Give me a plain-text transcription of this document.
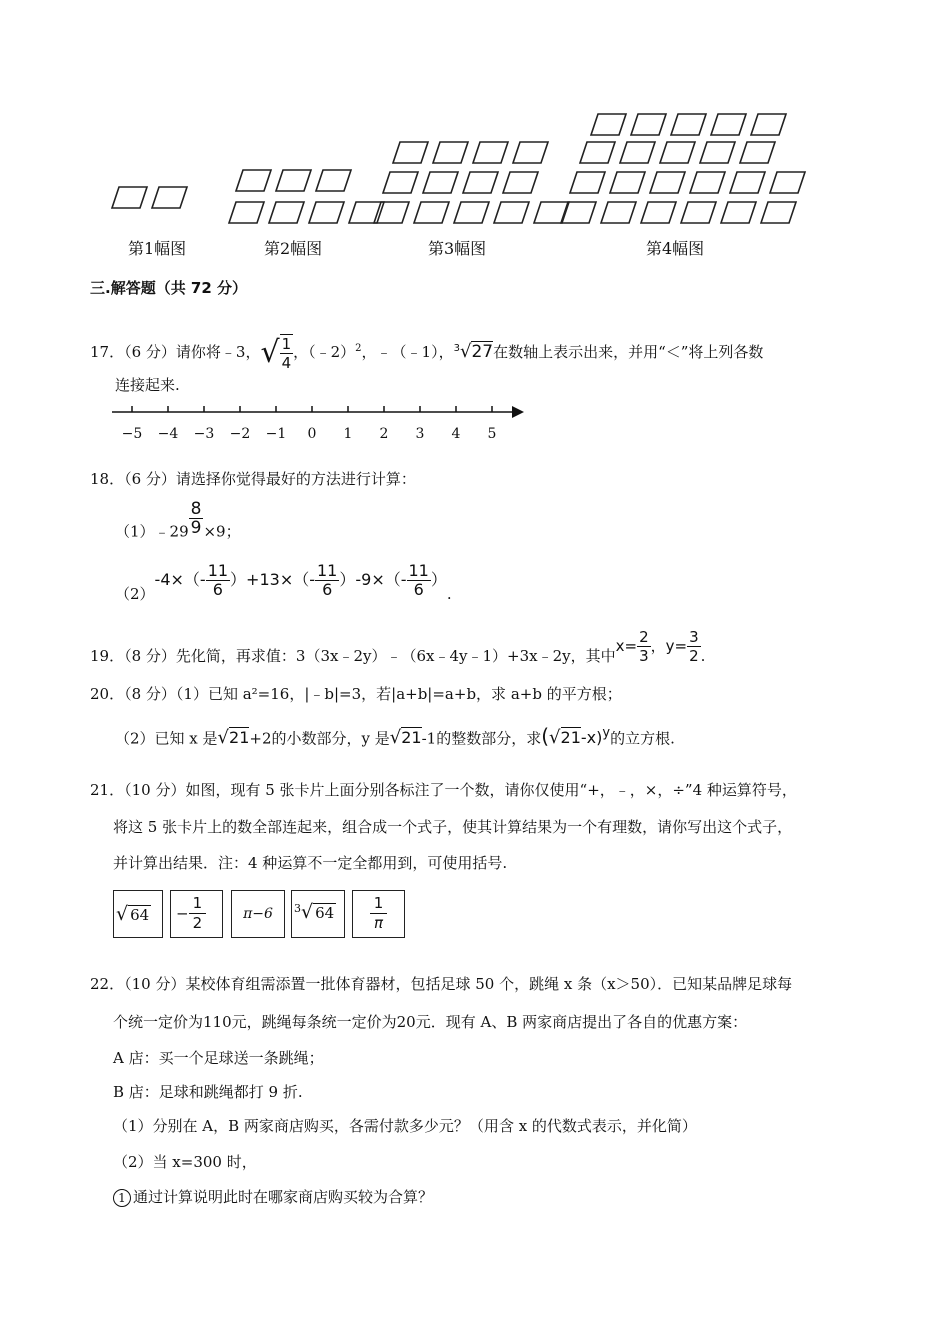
第1幅图	第2幅图	第3幅图	第4幅图
三.解答题（共 72 分）
17．（6 分）请你将﹣3，√ $\frac{1}{4}$ ，（﹣2）$^2$，﹣（﹣1），$^3$√27在数轴上表示出来，并用“＜”将上列各数
连接起来.
−5 −4 −3 −2 −1 0 1 2 3 4 5
18．（6 分）请选择你觉得最好的方法进行计算：
（1）﹣29 $\frac{8}{9} \times 9$；
$(2)-4\times(- \frac{11}{6} )+13\times(- \frac{11}{6} )-9\times(- \frac{11}{6}$ ）.
19．（8 分）先化简，再求值：3（3x﹣2y）﹣（6x﹣4y﹣1）+3x﹣2y，其中$x= \frac{2}{3}$ ，$y= \frac{3}{2}$ .
20．（8 分）（1）已知 a²=16，|﹣b|=3，若|a+b|=a+b，求 a+b 的平方根；
（2）已知 x 是√21+2的小数部分，y 是√21-1的整数部分，求$(√21-x)^y$的立方根.
21．（10 分）如图，现有 5 张卡片上面分别各标注了一个数，请你仅使用“+，﹣，×，÷”4 种运算符号，
将这 5 张卡片上的数全部连起来，组合成一个式子，使其计算结果为一个有理数，请你写出这个式子，
并计算出结果．注：4 种运算不一定全都用到，可使用括号.
√ 64	− $\frac{1}{2}$	π−6	$^3$√ 64	$\frac{1}{\pi}$
22．（10 分）某校体育组需添置一批体育器材，包括足球 50 个，跳绳 x 条（x＞50）．已知某品牌足球每
个统一定价为110元，跳绳每条统一定价为20元．现有 A、B 两家商店提出了各自的优惠方案：
A 店：买一个足球送一条跳绳；
B 店：足球和跳绳都打 9 折.
（1）分别在 A，B 两家商店购买，各需付款多少元？（用含 x 的代数式表示，并化简）
（2）当 x=300 时，
1 通过计算说明此时在哪家商店购买较为合算？
